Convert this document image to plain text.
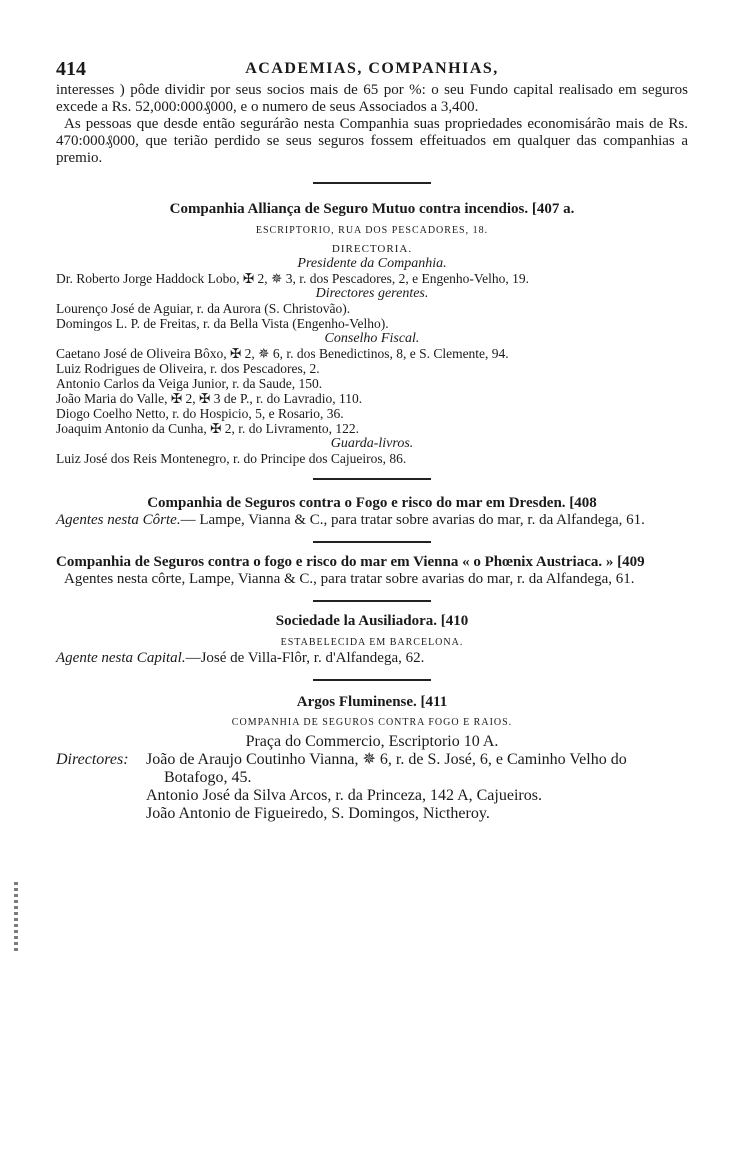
414	ACADEMIAS, COMPANHIAS,

interesses ) pôde dividir por seus socios mais de 65 por %: o seu Fundo capital realisado em seguros excede a Rs. 52,000:000₰000, e o numero de seus Associados a 3,400.

As pessoas que desde então segurárão nesta Companhia suas propriedades economisárão mais de Rs. 470:000₰000, que terião perdido se seus seguros fossem effeituados em qualquer das companhias a premio.

Companhia Alliança de Seguro Mutuo contra incendios. [407 a.

ESCRIPTORIO, RUA DOS PESCADORES, 18.

DIRECTORIA.

Presidente da Companhia.

Dr. Roberto Jorge Haddock Lobo, ✠ 2, ✵ 3, r. dos Pescadores, 2, e Engenho-Velho, 19.

Directores gerentes.

Lourenço José de Aguiar, r. da Aurora (S. Christovão).

Domingos L. P. de Freitas, r. da Bella Vista (Engenho-Velho).

Conselho Fiscal.

Caetano José de Oliveira Bôxo, ✠ 2, ✵ 6, r. dos Benedictinos, 8, e S. Clemente, 94.

Luiz Rodrigues de Oliveira, r. dos Pescadores, 2.

Antonio Carlos da Veiga Junior, r. da Saude, 150.

João Maria do Valle, ✠ 2, ✠ 3 de P., r. do Lavradio, 110.

Diogo Coelho Netto, r. do Hospicio, 5, e Rosario, 36.

Joaquim Antonio da Cunha, ✠ 2, r. do Livramento, 122.

Guarda-livros.

Luiz José dos Reis Montenegro, r. do Principe dos Cajueiros, 86.

Companhia de Seguros contra o Fogo e risco do mar em Dresden. [408

Agentes nesta Côrte.— Lampe, Vianna & C., para tratar sobre avarias do mar, r. da Alfandega, 61.

Companhia de Seguros contra o fogo e risco do mar em Vienna « o Phœnix Austriaca. » [409

Agentes nesta côrte, Lampe, Vianna & C., para tratar sobre avarias do mar, r. da Alfandega, 61.

Sociedade la Ausiliadora. [410

ESTABELECIDA EM BARCELONA.

Agente nesta Capital.—José de Villa-Flôr, r. d'Alfandega, 62.

Argos Fluminense. [411

COMPANHIA DE SEGUROS CONTRA FOGO E RAIOS.

Praça do Commercio, Escriptorio 10 A.

Directores:	João de Araujo Coutinho Vianna, ✵ 6, r. de S. José, 6, e Caminho Velho do Botafogo, 45.

Antonio José da Silva Arcos, r. da Princeza, 142 A, Cajueiros.

João Antonio de Figueiredo, S. Domingos, Nictheroy.
